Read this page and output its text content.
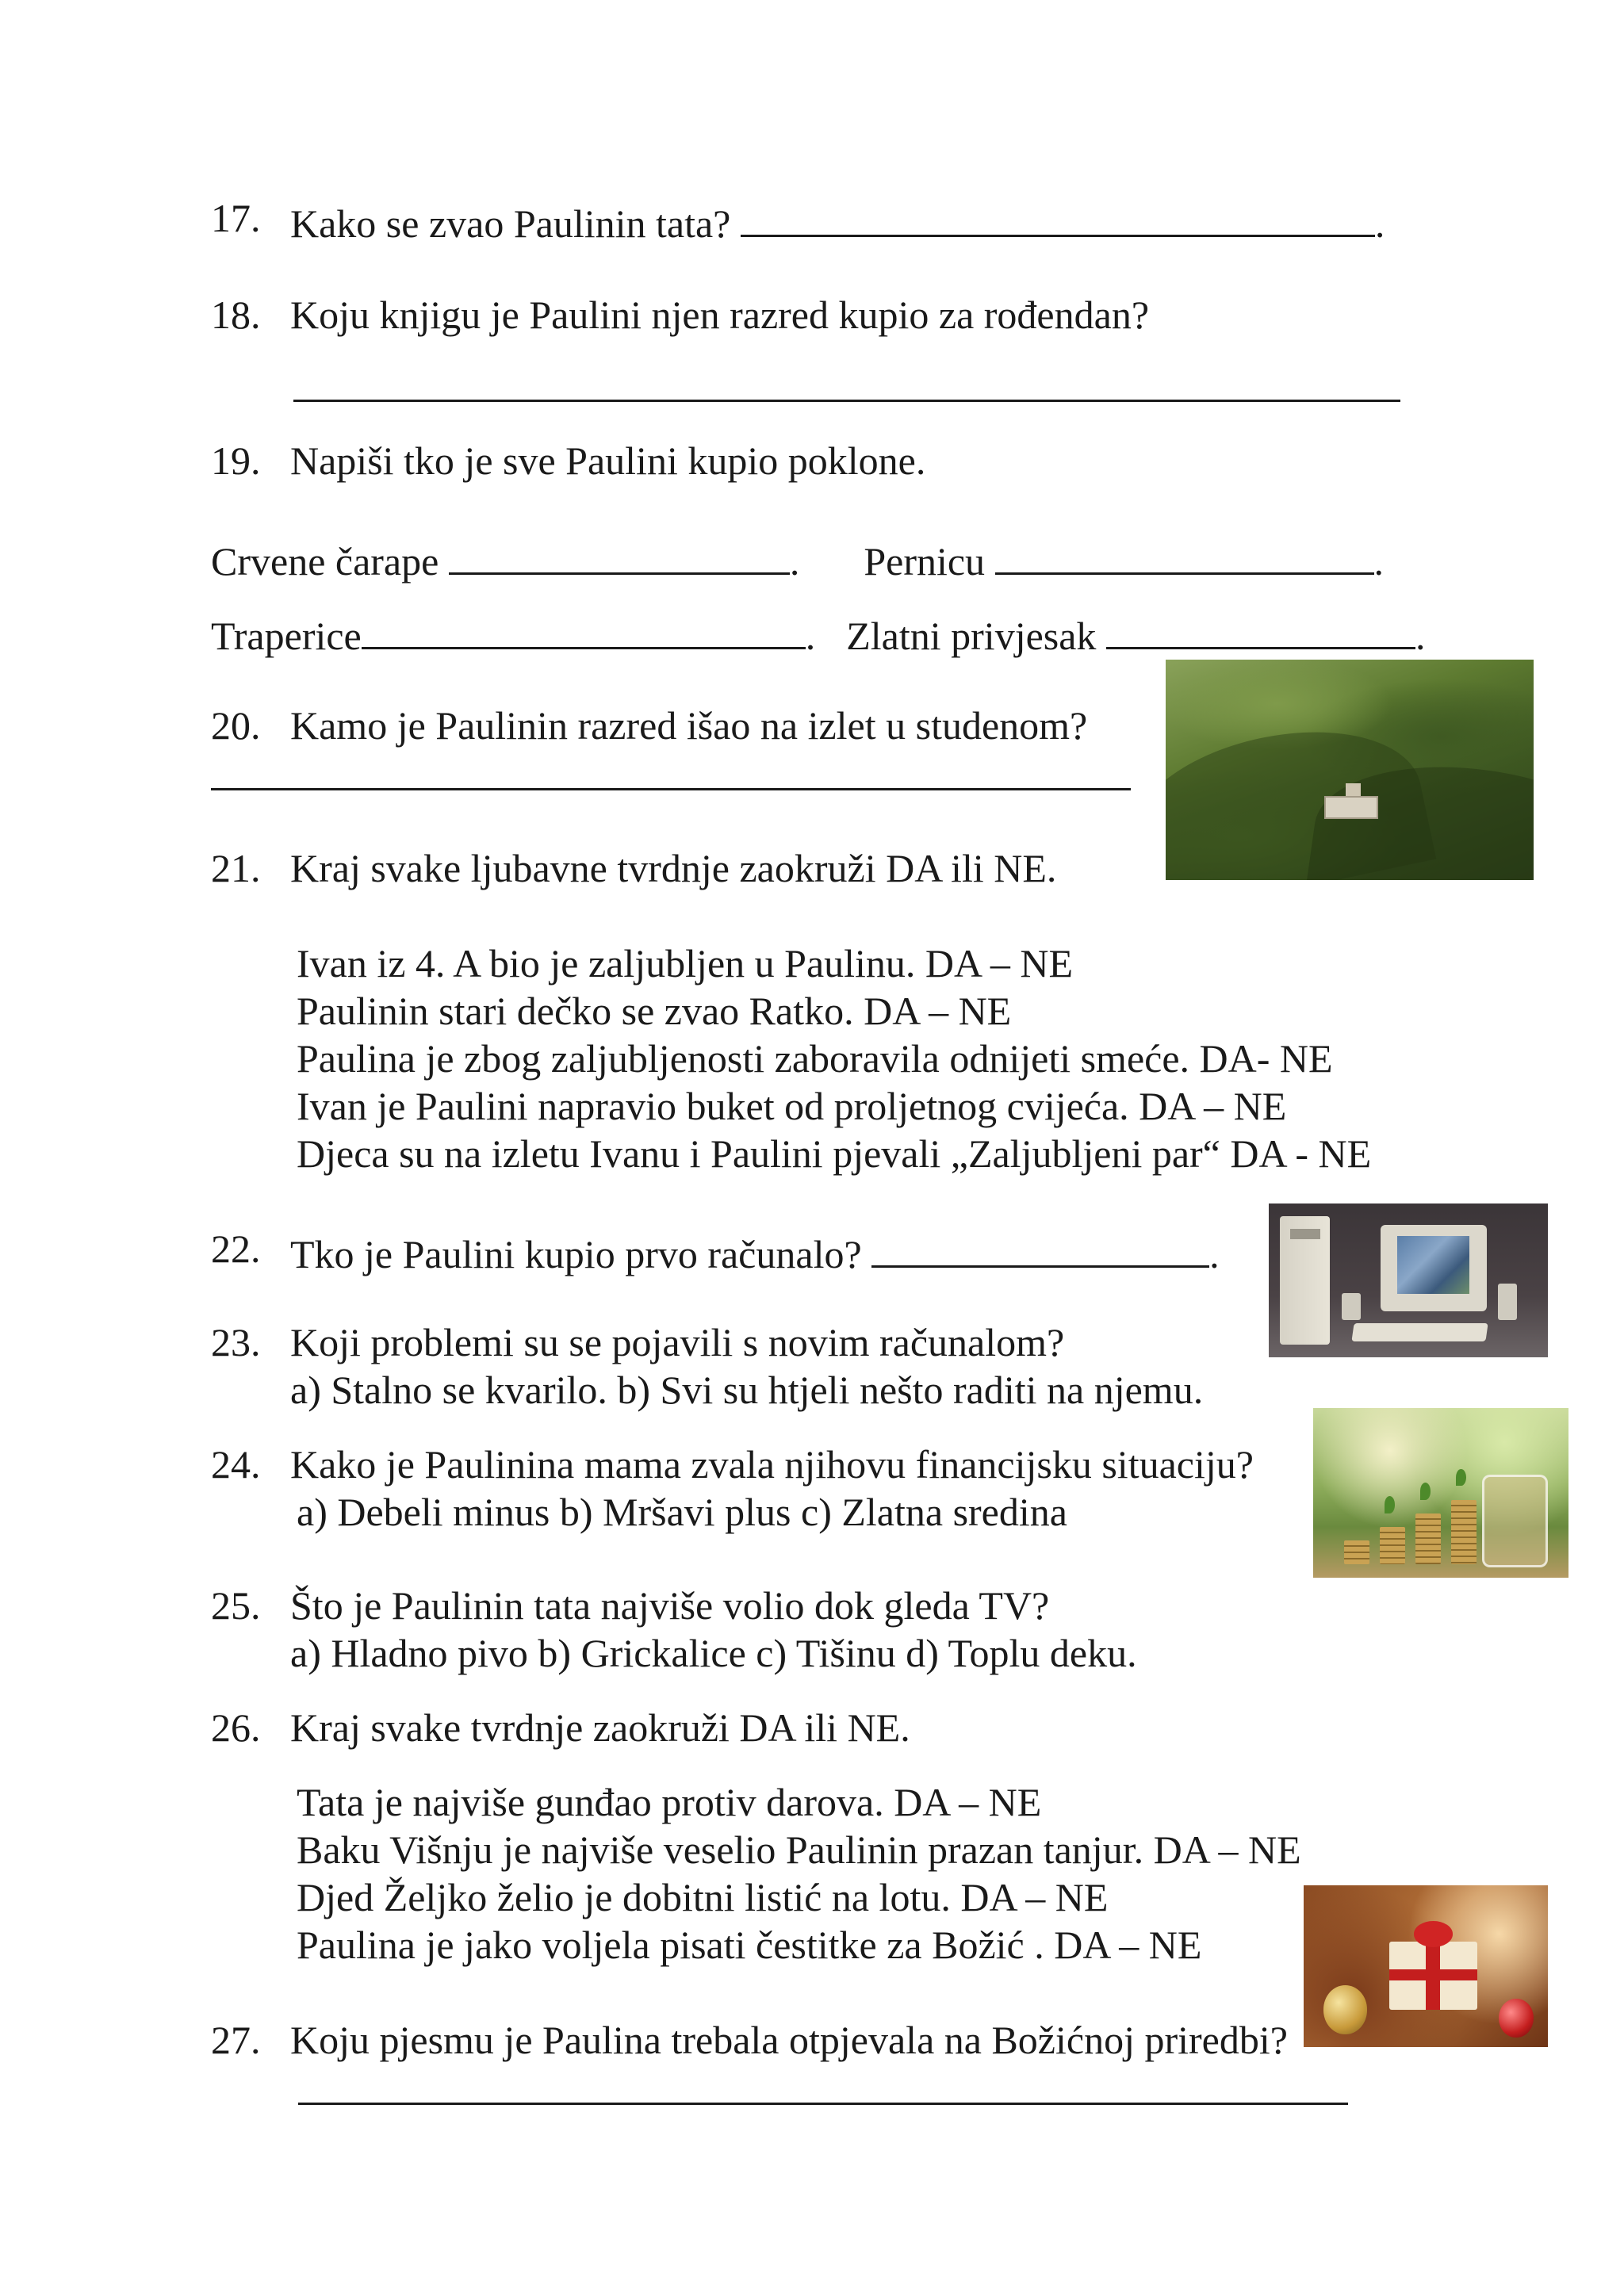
17. Kako se zvao Paulinin tata?	.
18. Koju knjigu je Paulini njen razred kupio za rođendan?
19. Napiši tko je sve Paulini kupio poklone.
Crvene čarape	. Pernicu	.
Traperice	. Zlatni privjesak	.
20. Kamo je Paulinin razred išao na izlet u studenom?
21. Kraj svake ljubavne tvrdnje zaokruži DA ili NE.
Ivan iz 4. A bio je zaljubljen u Paulinu. DA – NE
Paulinin stari dečko se zvao Ratko. DA – NE
Paulina je zbog zaljubljenosti zaboravila odnijeti smeće. DA- NE
Ivan je Paulini napravio buket od proljetnog cvijeća. DA – NE
Djeca su na izletu Ivanu i Paulini pjevali „Zaljubljeni par“ DA - NE
22. Tko je Paulini kupio prvo računalo?	.
23. Koji problemi su se pojavili s novim računalom?
a) Stalno se kvarilo. b) Svi su htjeli nešto raditi na njemu.
24. Kako je Paulinina mama zvala njihovu financijsku situaciju?
a) Debeli minus b) Mršavi plus c) Zlatna sredina
25. Što je Paulinin tata najviše volio dok gleda TV?
a) Hladno pivo b) Grickalice c) Tišinu d) Toplu deku.
26. Kraj svake tvrdnje zaokruži DA ili NE.
Tata je najviše gunđao protiv darova. DA – NE
Baku Višnju je najviše veselio Paulinin prazan tanjur. DA – NE
Djed Željko želio je dobitni listić na lotu. DA – NE
Paulina je jako voljela pisati čestitke za Božić . DA – NE
27. Koju pjesmu je Paulina trebala otpjevala na Božićnoj priredbi?
